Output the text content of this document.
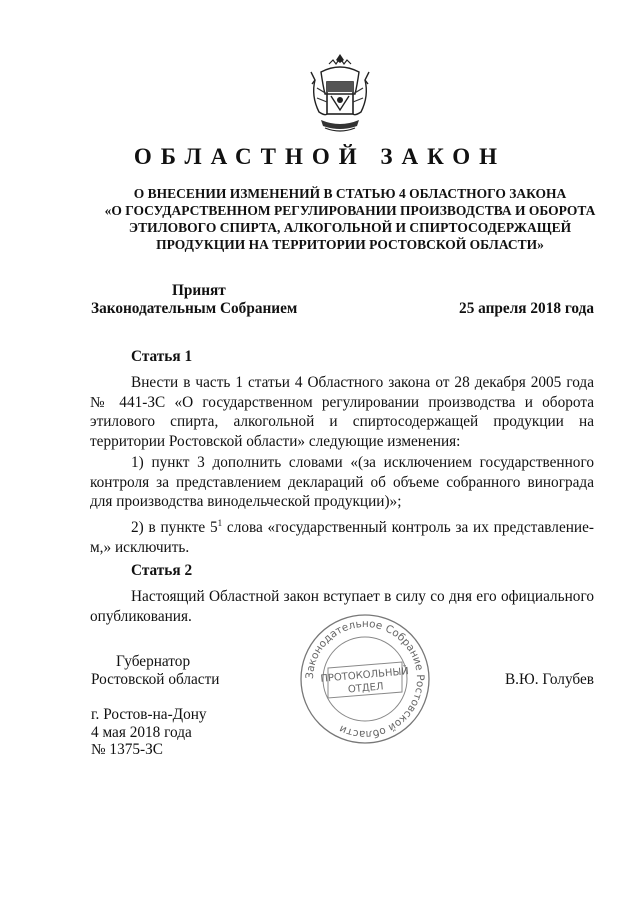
ОБЛАСТНОЙ ЗАКОН
О ВНЕСЕНИИ ИЗМЕНЕНИЙ В СТАТЬЮ 4 ОБЛАСТНОГО ЗАКОНА
«О ГОСУДАРСТВЕННОМ РЕГУЛИРОВАНИИ ПРОИЗВОДСТВА И ОБОРОТА
ЭТИЛОВОГО СПИРТА, АЛКОГОЛЬНОЙ И СПИРТОСОДЕРЖАЩЕЙ
ПРОДУКЦИИ НА ТЕРРИТОРИИ РОСТОВСКОЙ ОБЛАСТИ»
Принят
Законодательным Собранием	25 апреля 2018 года
Статья 1
Внести в часть 1 статьи 4 Областного закона от 28 декабря 2005 года № 441-ЗС «О государственном регулировании производства и оборота этилового спирта, алкогольной и спиртосодержащей продукции на территории Ростовской области» следующие изменения:
1) пункт 3 дополнить словами «(за исключением государственного контроля за представлением деклараций об объеме собранного винограда для производства винодельческой продукции)»;
2) в пункте $5^1$ слова «государственный контроль за их представлением,» исключить.
Статья 2
Настоящий Областной закон вступает в силу со дня его официального опубликования.
Губернатор
Ростовской области	В.Ю. Голубев
г. Ростов-на-Дону
4 мая 2018 года
№ 1375-ЗС
Законодательное Собрание Ростовской области
ПРОТОКОЛЬНЫЙ
ОТДЕЛ
